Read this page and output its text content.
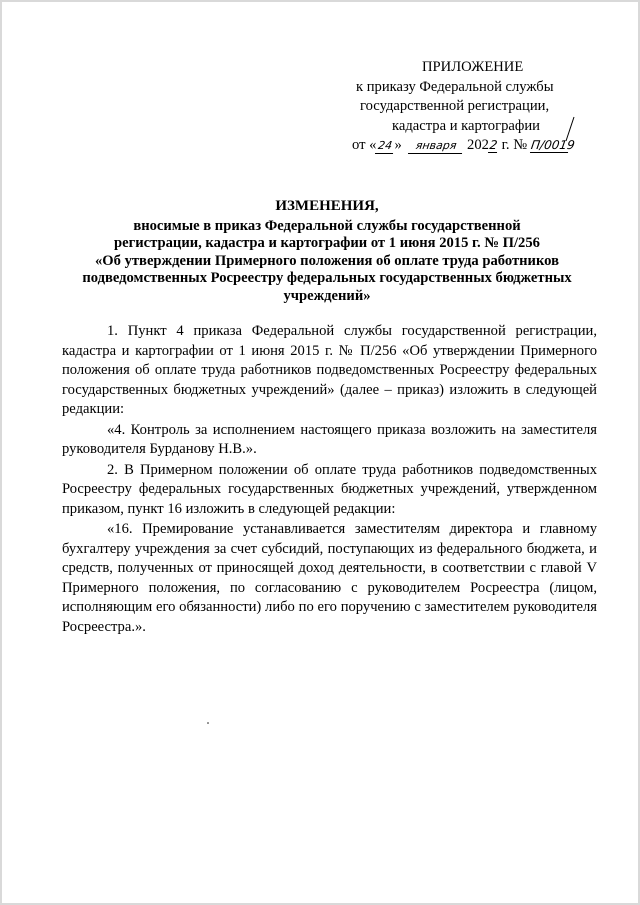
ПРИЛОЖЕНИЕ
к приказу Федеральной службы
государственной регистрации,
кадастра и картографии
от «24» января 2022 г. № П/0019
ИЗМЕНЕНИЯ,
вносимые в приказ Федеральной службы государственной
регистрации, кадастра и картографии от 1 июня 2015 г. № П/256
«Об утверждении Примерного положения об оплате труда работников
подведомственных Росреестру федеральных государственных бюджетных
учреждений»

1. Пункт 4 приказа Федеральной службы государственной регистрации, кадастра и картографии от 1 июня 2015 г. № П/256 «Об утверждении Примерного положения об оплате труда работников подведомственных Росреестру федеральных государственных бюджетных учреждений» (далее – приказ) изложить в следующей редакции:

«4. Контроль за исполнением настоящего приказа возложить на заместителя руководителя Бурданову Н.В.».

2. В Примерном положении об оплате труда работников подведомственных Росреестру федеральных государственных бюджетных учреждений, утвержденном приказом, пункт 16 изложить в следующей редакции:

«16. Премирование устанавливается заместителям директора и главному бухгалтеру учреждения за счет субсидий, поступающих из федерального бюджета, и средств, полученных от приносящей доход деятельности, в соответствии с главой V Примерного положения, по согласованию с руководителем Росреестра (лицом, исполняющим его обязанности) либо по его поручению с заместителем руководителя Росреестра.».
